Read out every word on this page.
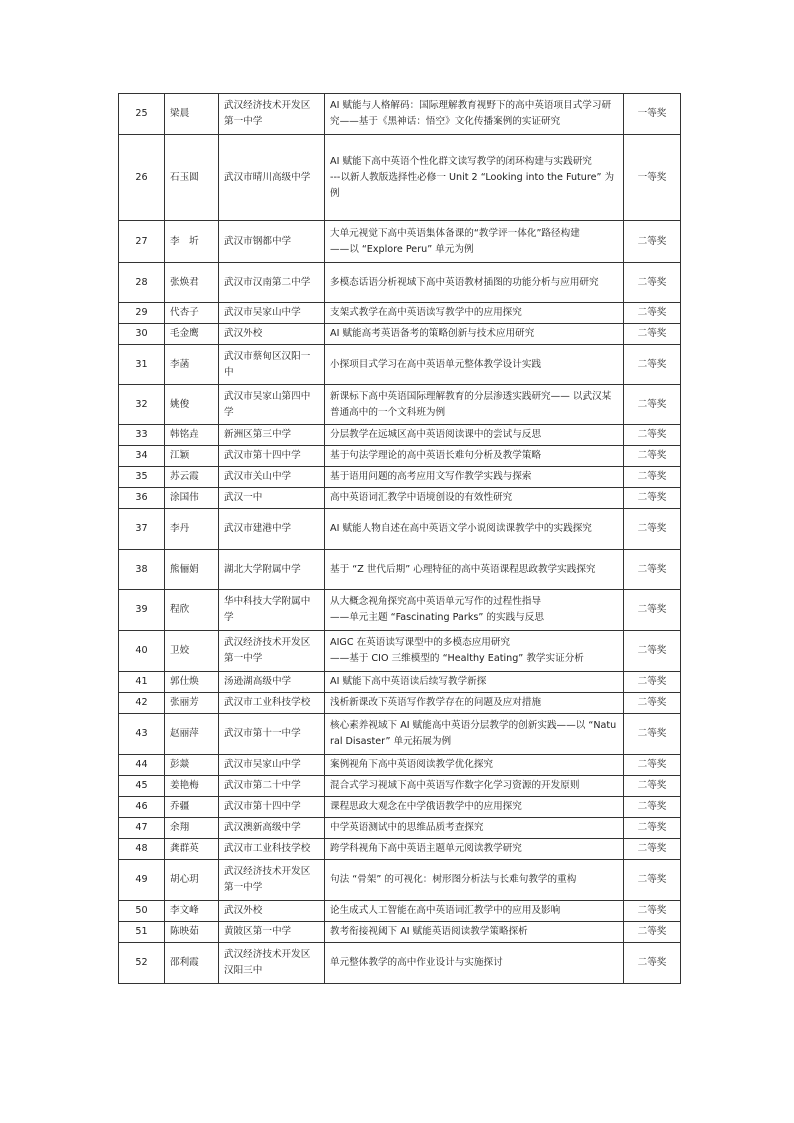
25	梁晨	武汉经济技术开发区第一中学	AI 赋能与人格解码：国际理解教育视野下的高中英语项目式学习研究——基于《黑神话：悟空》文化传播案例的实证研究	一等奖
26	石玉圆	武汉市晴川高级中学	AI 赋能下高中英语个性化群文读写教学的闭环构建与实践研究
---以新人教版选择性必修一 Unit 2 “Looking into the Future” 为例	一等奖
27	李　圻	武汉市钢都中学	大单元视觉下高中英语集体备课的“教学评一体化”路径构建
——以 “Explore Peru” 单元为例	二等奖
28	张焕君	武汉市汉南第二中学	多模态话语分析视域下高中英语教材插图的功能分析与应用研究	二等奖
29	代杏子	武汉市吴家山中学	支架式教学在高中英语读写教学中的应用探究	二等奖
30	毛金鹰	武汉外校	AI 赋能高考英语备考的策略创新与技术应用研究	二等奖
31	李菡	武汉市蔡甸区汉阳一中	小探项目式学习在高中英语单元整体教学设计实践	二等奖
32	姚俊	武汉市吴家山第四中学	新课标下高中英语国际理解教育的分层渗透实践研究—— 以武汉某普通高中的一个文科班为例	二等奖
33	韩铭垚	新洲区第三中学	分层教学在远城区高中英语阅读课中的尝试与反思	二等奖
34	江颖	武汉市第十四中学	基于句法学理论的高中英语长难句分析及教学策略	二等奖
35	苏云霞	武汉市关山中学	基于语用问题的高考应用文写作教学实践与探索	二等奖
36	涂国伟	武汉一中	高中英语词汇教学中语境创设的有效性研究	二等奖
37	李丹	武汉市建港中学	AI 赋能人物自述在高中英语文学小说阅读课教学中的实践探究	二等奖
38	熊俪娟	湖北大学附属中学	基于 “Z 世代后期” 心理特征的高中英语课程思政教学实践探究	二等奖
39	程欣	华中科技大学附属中学	从大概念视角探究高中英语单元写作的过程性指导
——单元主题 “Fascinating Parks” 的实践与反思	二等奖
40	卫姣	武汉经济技术开发区第一中学	AIGC 在英语读写课型中的多模态应用研究
——基于 CIO 三维模型的 “Healthy Eating” 教学实证分析	二等奖
41	郭仕焕	汤逊湖高级中学	AI 赋能下高中英语读后续写教学新探	二等奖
42	张丽芳	武汉市工业科技学校	浅析新课改下英语写作教学存在的问题及应对措施	二等奖
43	赵丽萍	武汉市第十一中学	核心素养视域下 AI 赋能高中英语分层教学的创新实践——以 “Natural Disaster” 单元拓展为例	二等奖
44	彭燚	武汉市吴家山中学	案例视角下高中英语阅读教学优化探究	二等奖
45	姜艳梅	武汉市第二十中学	混合式学习视域下高中英语写作数字化学习资源的开发原则	二等奖
46	乔疆	武汉市第十四中学	课程思政大观念在中学俄语教学中的应用探究	二等奖
47	余翔	武汉澳新高级中学	中学英语测试中的思维品质考查探究	二等奖
48	龚群英	武汉市工业科技学校	跨学科视角下高中英语主题单元阅读教学研究	二等奖
49	胡心玥	武汉经济技术开发区第一中学	句法 “骨架” 的可视化：树形图分析法与长难句教学的重构	二等奖
50	李文峰	武汉外校	论生成式人工智能在高中英语词汇教学中的应用及影响	二等奖
51	陈映茹	黄陂区第一中学	教考衔接视阈下 AI 赋能英语阅读教学策略探析	二等奖
52	邵利霞	武汉经济技术开发区汉阳三中	单元整体教学的高中作业设计与实施探讨	二等奖
